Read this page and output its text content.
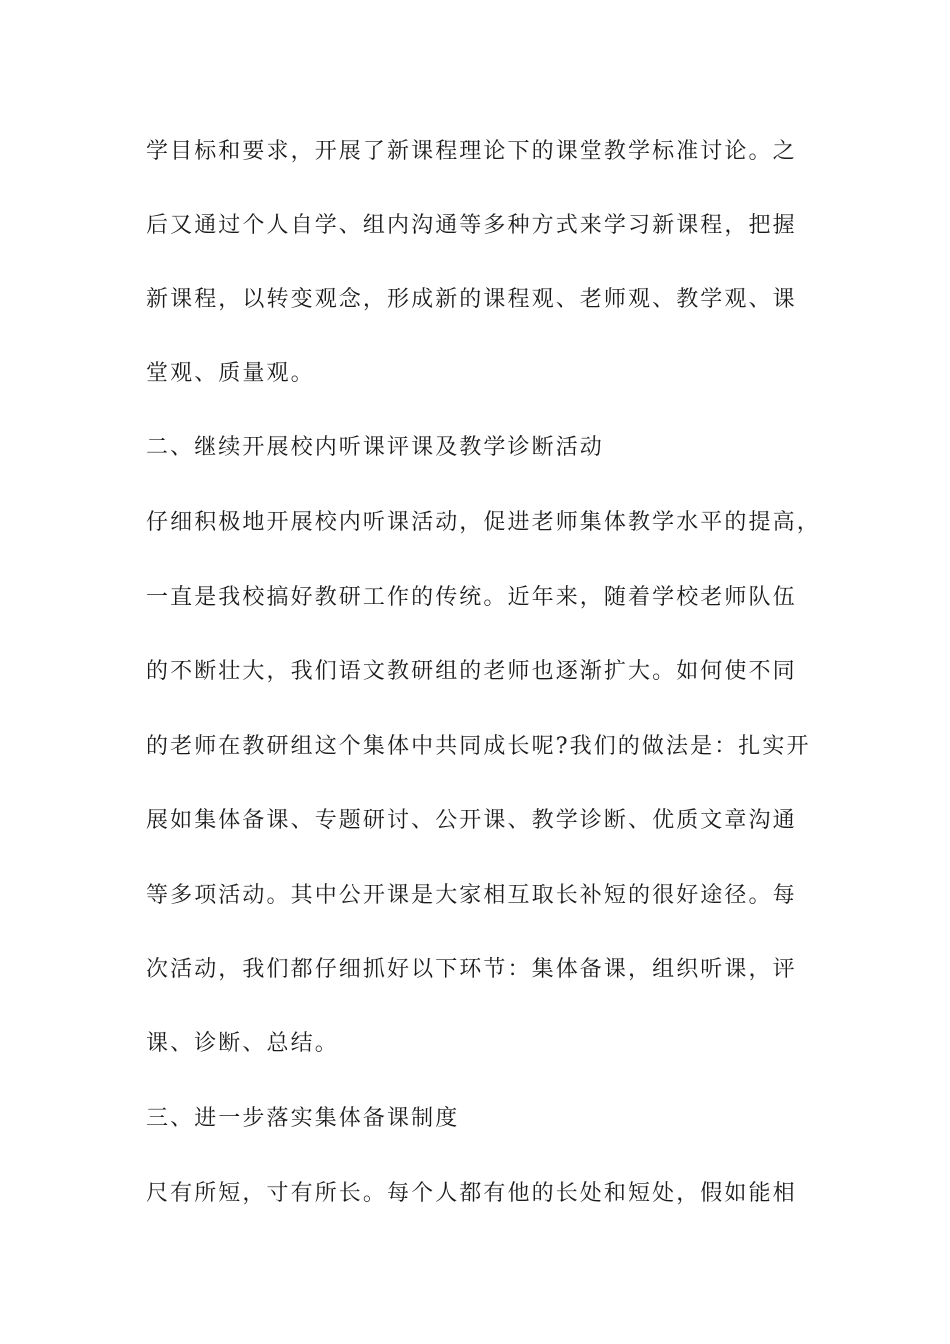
学目标和要求，开展了新课程理论下的课堂教学标准讨论。之
后又通过个人自学、组内沟通等多种方式来学习新课程，把握
新课程，以转变观念，形成新的课程观、老师观、教学观、课
堂观、质量观。
二、继续开展校内听课评课及教学诊断活动
仔细积极地开展校内听课活动，促进老师集体教学水平的提高，
一直是我校搞好教研工作的传统。近年来，随着学校老师队伍
的不断壮大，我们语文教研组的老师也逐渐扩大。如何使不同
的老师在教研组这个集体中共同成长呢?我们的做法是：扎实开
展如集体备课、专题研讨、公开课、教学诊断、优质文章沟通
等多项活动。其中公开课是大家相互取长补短的很好途径。每
次活动，我们都仔细抓好以下环节：集体备课，组织听课，评
课、诊断、总结。
三、进一步落实集体备课制度
尺有所短，寸有所长。每个人都有他的长处和短处，假如能相
